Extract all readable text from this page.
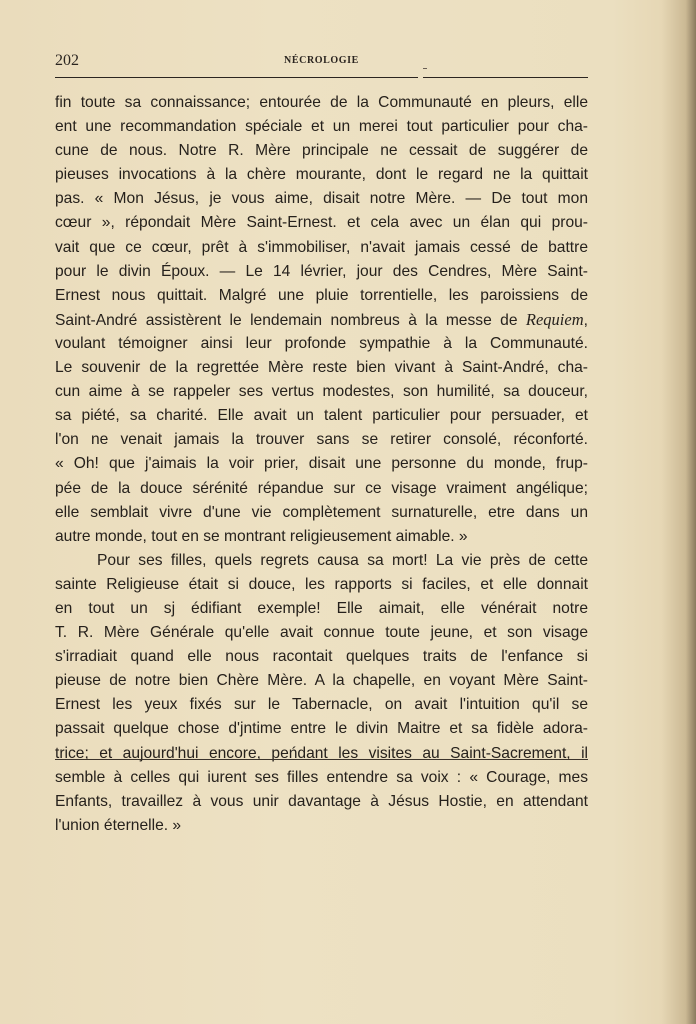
202	NÉCROLOGIE
fin toute sa connaissance; entourée de la Communauté en pleurs, elle
ent une recommandation spéciale et un merei tout particulier pour cha-
cune de nous. Notre R. Mère principale ne cessait de suggérer de
pieuses invocations à la chère mourante, dont le regard ne la quittait
pas. « Mon Jésus, je vous aime, disait notre Mère. — De tout mon
cœur », répondait Mère Saint-Ernest. et cela avec un élan qui prou-
vait que ce cœur, prêt à s'immobiliser, n'avait jamais cessé de battre
pour le divin Époux. — Le 14 lévrier, jour des Cendres, Mère Saint-
Ernest nous quittait. Malgré une pluie torrentielle, les paroissiens de
Saint-André assistèrent le lendemain nombreus à la messe de Requiem,
voulant témoigner ainsi leur profonde sympathie à la Communauté.
Le souvenir de la regrettée Mère reste bien vivant à Saint-André, cha-
cun aime à se rappeler ses vertus modestes, son humilité, sa douceur,
sa piété, sa charité. Elle avait un talent particulier pour persuader, et
l'on ne venait jamais la trouver sans se retirer consolé, réconforté.
« Oh! que j'aimais la voir prier, disait une personne du monde, frup-
pée de la douce sérénité répandue sur ce visage vraiment angélique;
elle semblait vivre d'une vie complètement surnaturelle, etre dans un
autre monde, tout en se montrant religieusement aimable. »
Pour ses filles, quels regrets causa sa mort! La vie près de cette
sainte Religieuse était si douce, les rapports si faciles, et elle donnait
en tout un sj édifiant exemple! Elle aimait, elle vénérait notre
T. R. Mère Générale qu'elle avait connue toute jeune, et son visage
s'irradiait quand elle nous racontait quelques traits de l'enfance si
pieuse de notre bien Chère Mère. A la chapelle, en voyant Mère Saint-
Ernest les yeux fixés sur le Tabernacle, on avait l'intuition qu'il se
passait quelque chose d'jntime entre le divin Maitre et sa fidèle adora-
trice; et aujourd'hui encore, peńdant les visites au Saint-Sacrement, il
semble à celles qui iurent ses filles entendre sa voix : « Courage, mes
Enfants, travaillez à vous unir davantage à Jésus Hostie, en attendant
l'union éternelle. »
